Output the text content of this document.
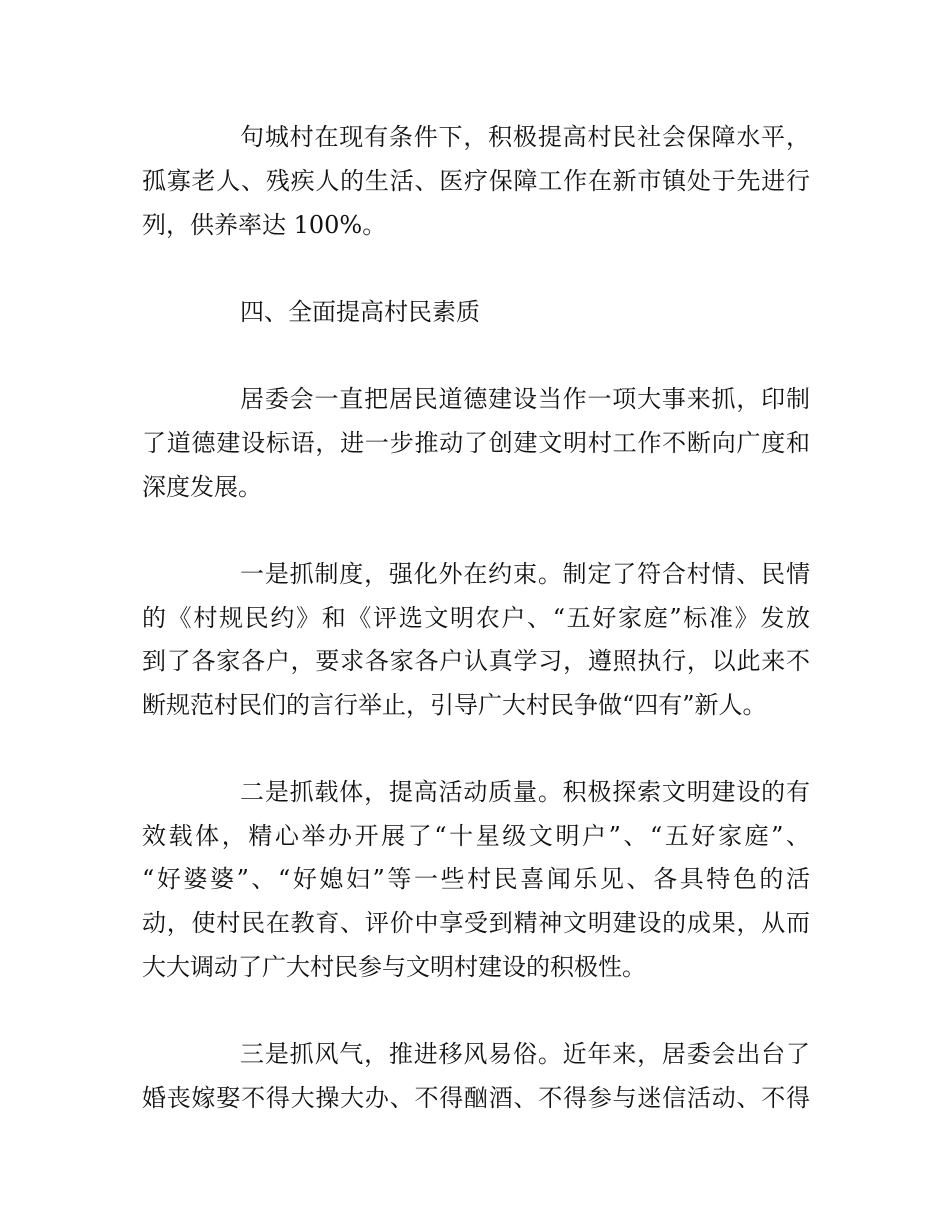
句城村在现有条件下，积极提高村民社会保障水平，
孤寡老人、残疾人的生活、医疗保障工作在新市镇处于先进行
列，供养率达 100%。
四、全面提高村民素质
居委会一直把居民道德建设当作一项大事来抓，印制
了道德建设标语，进一步推动了创建文明村工作不断向广度和
深度发展。
一是抓制度，强化外在约束。制定了符合村情、民情
的《村规民约》和《评选文明农户、“五好家庭”标准》发放
到了各家各户，要求各家各户认真学习，遵照执行，以此来不
断规范村民们的言行举止，引导广大村民争做“四有”新人。
二是抓载体，提高活动质量。积极探索文明建设的有
效载体，精心举办开展了“十星级文明户”、“五好家庭”、
“好婆婆”、“好媳妇”等一些村民喜闻乐见、各具特色的活
动，使村民在教育、评价中享受到精神文明建设的成果，从而
大大调动了广大村民参与文明村建设的积极性。
三是抓风气，推进移风易俗。近年来，居委会出台了
婚丧嫁娶不得大操大办、不得酗酒、不得参与迷信活动、不得
